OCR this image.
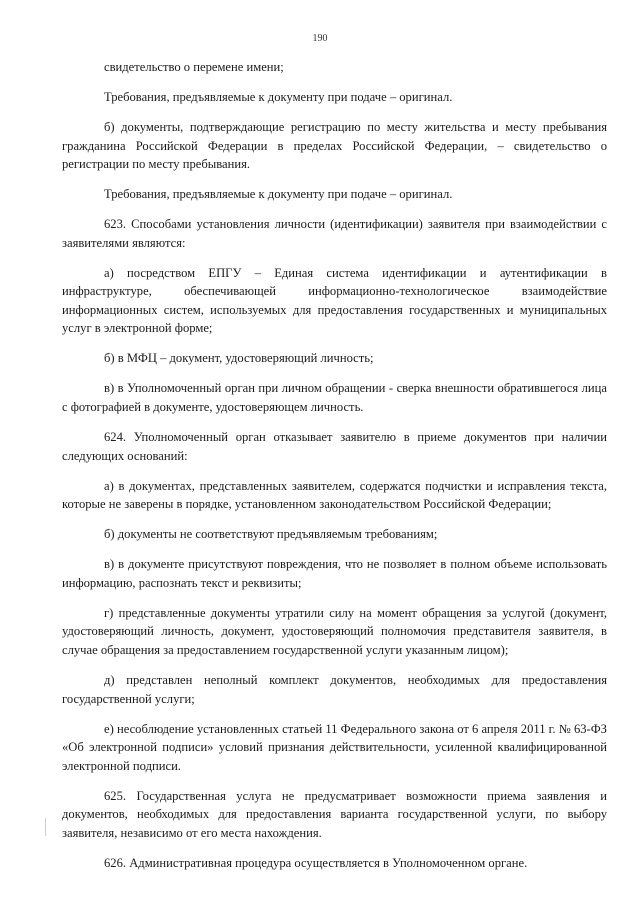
190

свидетельство о перемене имени;

Требования, предъявляемые к документу при подаче – оригинал.

б) документы, подтверждающие регистрацию по месту жительства и месту пребывания гражданина Российской Федерации в пределах Российской Федерации, – свидетельство о регистрации по месту пребывания.

Требования, предъявляемые к документу при подаче – оригинал.

623. Способами установления личности (идентификации) заявителя при взаимодействии с заявителями являются:

а) посредством ЕПГУ – Единая система идентификации и аутентификации в инфраструктуре, обеспечивающей информационно-технологическое взаимодействие информационных систем, используемых для предоставления государственных и муниципальных услуг в электронной форме;

б) в МФЦ – документ, удостоверяющий личность;

в) в Уполномоченный орган при личном обращении - сверка внешности обратившегося лица с фотографией в документе, удостоверяющем личность.

624. Уполномоченный орган отказывает заявителю в приеме документов при наличии следующих оснований:

а) в документах, представленных заявителем, содержатся подчистки и исправления текста, которые не заверены в порядке, установленном законодательством Российской Федерации;

б) документы не соответствуют предъявляемым требованиям;

в) в документе присутствуют повреждения, что не позволяет в полном объеме использовать информацию, распознать текст и реквизиты;

г) представленные документы утратили силу на момент обращения за услугой (документ, удостоверяющий личность, документ, удостоверяющий полномочия представителя заявителя, в случае обращения за предоставлением государственной услуги указанным лицом);

д) представлен неполный комплект документов, необходимых для предоставления государственной услуги;

е) несоблюдение установленных статьей 11 Федерального закона от 6 апреля 2011 г. № 63-ФЗ «Об электронной подписи» условий признания действительности, усиленной квалифицированной электронной подписи.

625. Государственная услуга не предусматривает возможности приема заявления и документов, необходимых для предоставления варианта государственной услуги, по выбору заявителя, независимо от его места нахождения.

626. Административная процедура осуществляется в Уполномоченном органе.
